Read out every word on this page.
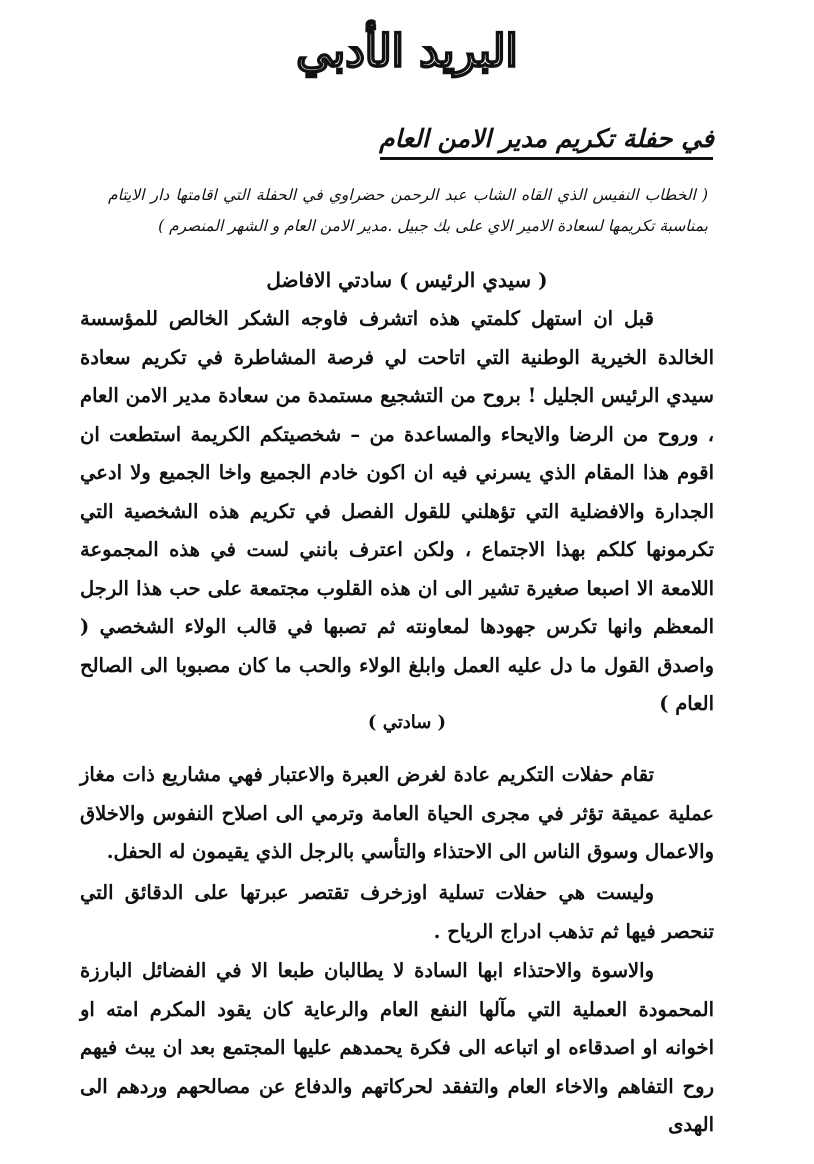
البريد الأدبي
في حفلة تكريم مدير الامن العام
( الخطاب النفيس الذي القاه الشاب عبد الرحمن حضراوي في الحفلة التي اقامتها دار الايتام بمناسبة تكريمها لسعادة الامير الاي على بك جبيل .مدير الامن العام و الشهر المنصرم )
( سيدي الرئيس ) سادتي الافاضل
قبل ان استهل كلمتي هذه اتشرف فاوجه الشكر الخالص للمؤسسة الخالدة الخيرية الوطنية التي اتاحت لي فرصة المشاطرة في تكريم سعادة سيدي الرئيس الجليل ! بروح من التشجيع مستمدة من سعادة مدير الامن العام ، وروح من الرضا والايحاء والمساعدة من – شخصيتكم الكريمة استطعت ان اقوم هذا المقام الذي يسرني فيه ان اكون خادم الجميع واخا الجميع ولا ادعي الجدارة والافضلية التي تؤهلني للقول الفصل في تكريم هذه الشخصية التي تكرمونها كلكم بهذا الاجتماع ، ولكن اعترف بانني لست في هذه المجموعة اللامعة الا اصبعا صغيرة تشير الى ان هذه القلوب مجتمعة على حب هذا الرجل المعظم وانها تكرس جهودها لمعاونته ثم تصبها في قالب الولاء الشخصي ( واصدق القول ما دل عليه العمل وابلغ الولاء والحب ما كان مصبوبا الى الصالح العام )
( سادتي )
تقام حفلات التكريم عادة لغرض العبرة والاعتبار فهي مشاريع ذات مغاز عملية عميقة تؤثر في مجرى الحياة العامة وترمي الى اصلاح النفوس والاخلاق والاعمال وسوق الناس الى الاحتذاء والتأسي بالرجل الذي يقيمون له الحفل.
وليست هي حفلات تسلية اوزخرف تقتصر عبرتها على الدقائق التي تنحصر فيها ثم تذهب ادراج الرياح .
والاسوة والاحتذاء ابها السادة لا يطالبان طبعا الا في الفضائل البارزة المحمودة العملية التي مآلها النفع العام والرعاية كان يقود المكرم امته او اخوانه او اصدقاءه او اتباعه الى فكرة يحمدهم عليها المجتمع بعد ان يبث فيهم روح التفاهم والاخاء العام والتفقد لحركاتهم والدفاع عن مصالحهم وردهم الى الهدى
